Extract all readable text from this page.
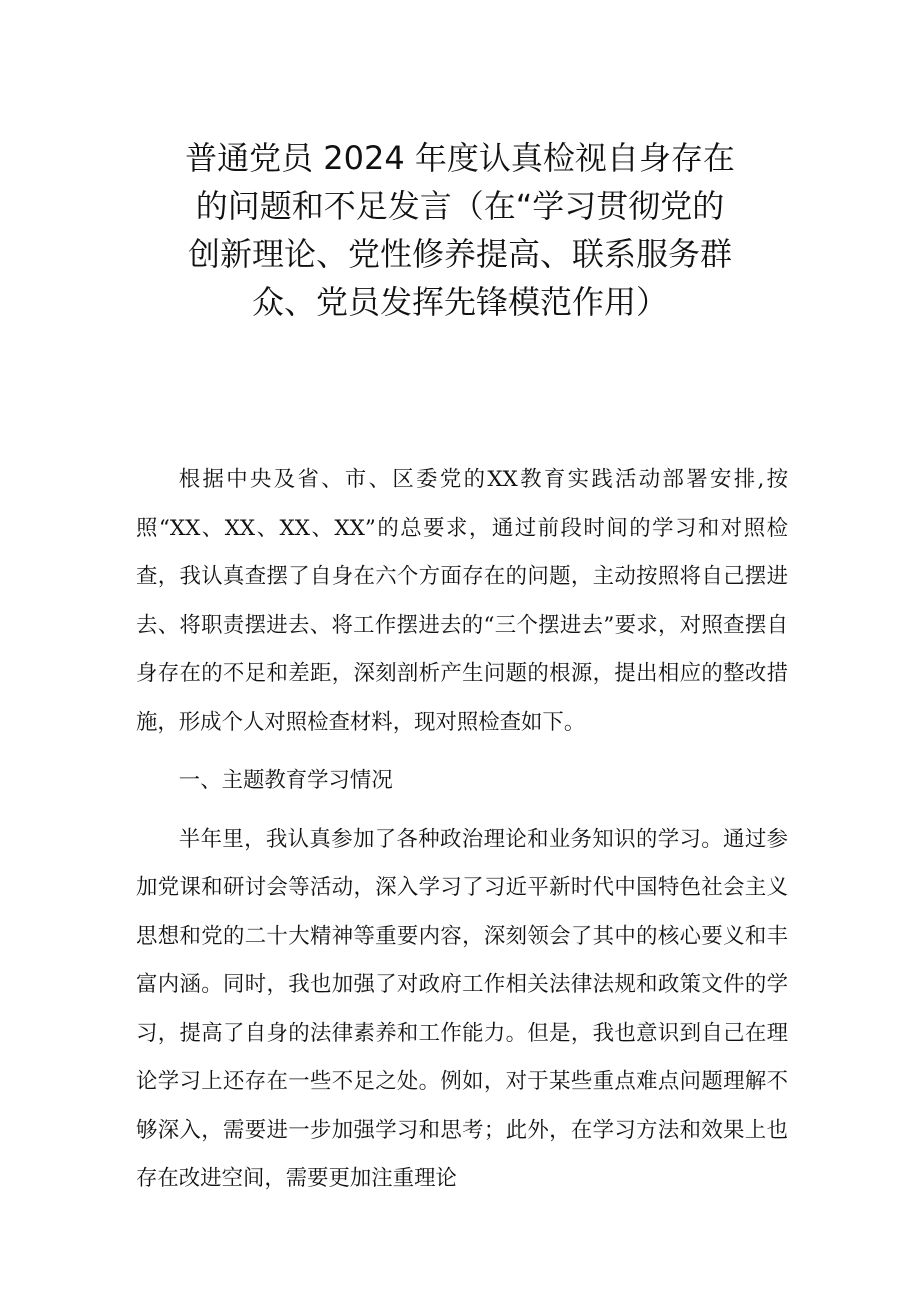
普通党员 2024 年度认真检视自身存在
的问题和不足发言（在“学习贯彻党的
创新理论、党性修养提高、联系服务群
众、党员发挥先锋模范作用）

根据中央及省、市、区委党的XX教育实践活动部署安排,按照“XX、XX、XX、XX”的总要求，通过前段时间的学习和对照检查，我认真查摆了自身在六个方面存在的问题，主动按照将自己摆进去、将职责摆进去、将工作摆进去的“三个摆进去”要求，对照查摆自身存在的不足和差距，深刻剖析产生问题的根源，提出相应的整改措施，形成个人对照检查材料，现对照检查如下。

一、主题教育学习情况

半年里，我认真参加了各种政治理论和业务知识的学习。通过参加党课和研讨会等活动，深入学习了习近平新时代中国特色社会主义思想和党的二十大精神等重要内容，深刻领会了其中的核心要义和丰富内涵。同时，我也加强了对政府工作相关法律法规和政策文件的学习，提高了自身的法律素养和工作能力。但是，我也意识到自己在理论学习上还存在一些不足之处。例如，对于某些重点难点问题理解不够深入，需要进一步加强学习和思考；此外，在学习方法和效果上也存在改进空间，需要更加注重理论
